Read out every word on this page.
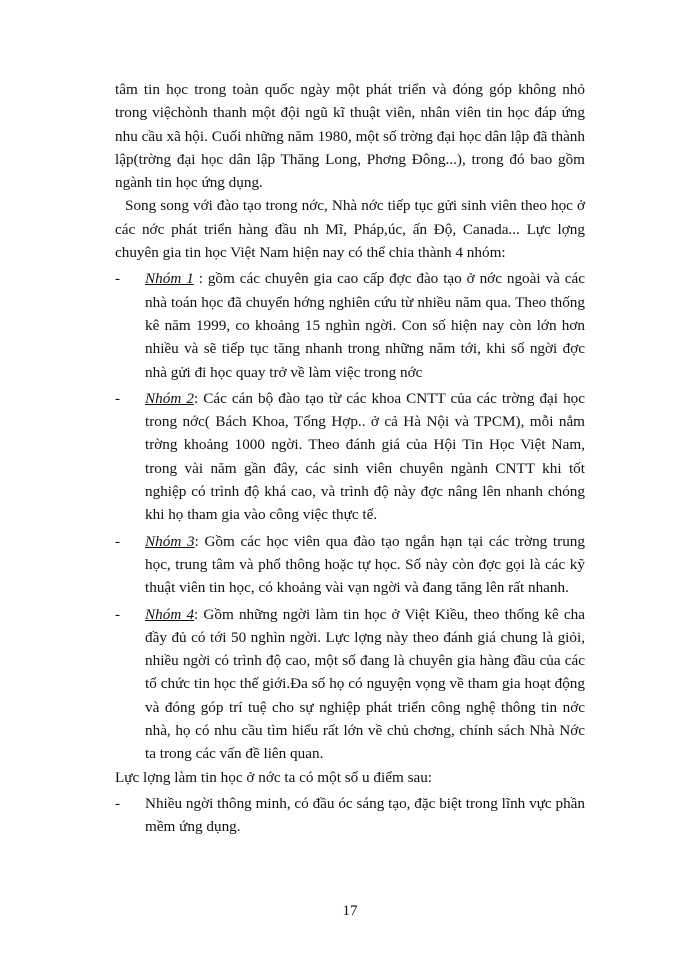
tâm tin học trong toàn quốc ngày một phát triển và đóng góp không nhỏ trong việchònh thanh một đội ngũ kĩ thuật viên, nhân viên tin học đáp ứng nhu cầu xã hội. Cuối những năm 1980, một số trờng đại học dân lập đã thành lập(trờng đại học dân lập Thăng Long, Phơng Đông...), trong đó bao gồm ngành tin học ứng dụng.

Song song với đào tạo trong nớc, Nhà nớc tiếp tục gửi sinh viên theo học ở các nớc phát triển hàng đầu nh Mĩ, Pháp,úc, ấn Độ, Canada... Lực lợng chuyên gia tin học Việt Nam hiện nay có thể chia thành 4 nhóm:

-	Nhóm 1 : gồm các chuyên gia cao cấp đợc đào tạo ở nớc ngoài và các nhà toán học đã chuyển hớng nghiên cứu từ nhiều năm qua. Theo thống kê năm 1999, co khoảng 15 nghìn ngời. Con số hiện nay còn lớn hơn nhiều và sẽ tiếp tục tăng nhanh trong những năm tới, khi số ngời đợc nhà gửi đi học quay trở về làm việc trong nớc
-	Nhóm 2: Các cán bộ đào tạo từ các khoa CNTT của các trờng đại học trong nớc( Bách Khoa, Tổng Hợp.. ở cả Hà Nội và TPCM), mỗi nẳm trờng khoảng 1000 ngời. Theo đánh giá của Hội Tin Học Việt Nam, trong vài năm gần đây, các sinh viên chuyên ngành CNTT khi tốt nghiệp có trình độ khá cao, và trình độ này đợc nâng lên nhanh chóng khi họ tham gia vào công việc thực tế.
-	Nhóm 3: Gồm các học viên qua đào tạo ngắn hạn tại các trờng trung học, trung tâm và phổ thông hoặc tự học. Số này còn đợc gọi là các kỹ thuật viên tin học, có khoảng vài vạn ngời và đang tăng lên rất nhanh.
-	Nhóm 4: Gồm những ngời làm tin học ở Việt Kiều, theo thống kê cha đầy đủ có tới 50 nghìn ngời. Lực lợng này theo đánh giá chung là giỏi, nhiều ngời có trình độ cao, một số đang là chuyên gia hàng đầu của các tổ chức tin học thế giới.Đa số họ có nguyện vọng về tham gia hoạt động và đóng góp trí tuệ cho sự nghiệp phát triển công nghệ thông tin nớc nhà, họ có nhu cầu tìm hiểu rất lớn về chủ chơng, chính sách Nhà Nớc ta trong các vấn đề liên quan.

Lực lợng làm tin học ở nớc ta có một số u điểm sau:

-	Nhiều ngời thông minh, có đầu óc sáng tạo, đặc biệt trong lĩnh vực phần mềm ứng dụng.
17
